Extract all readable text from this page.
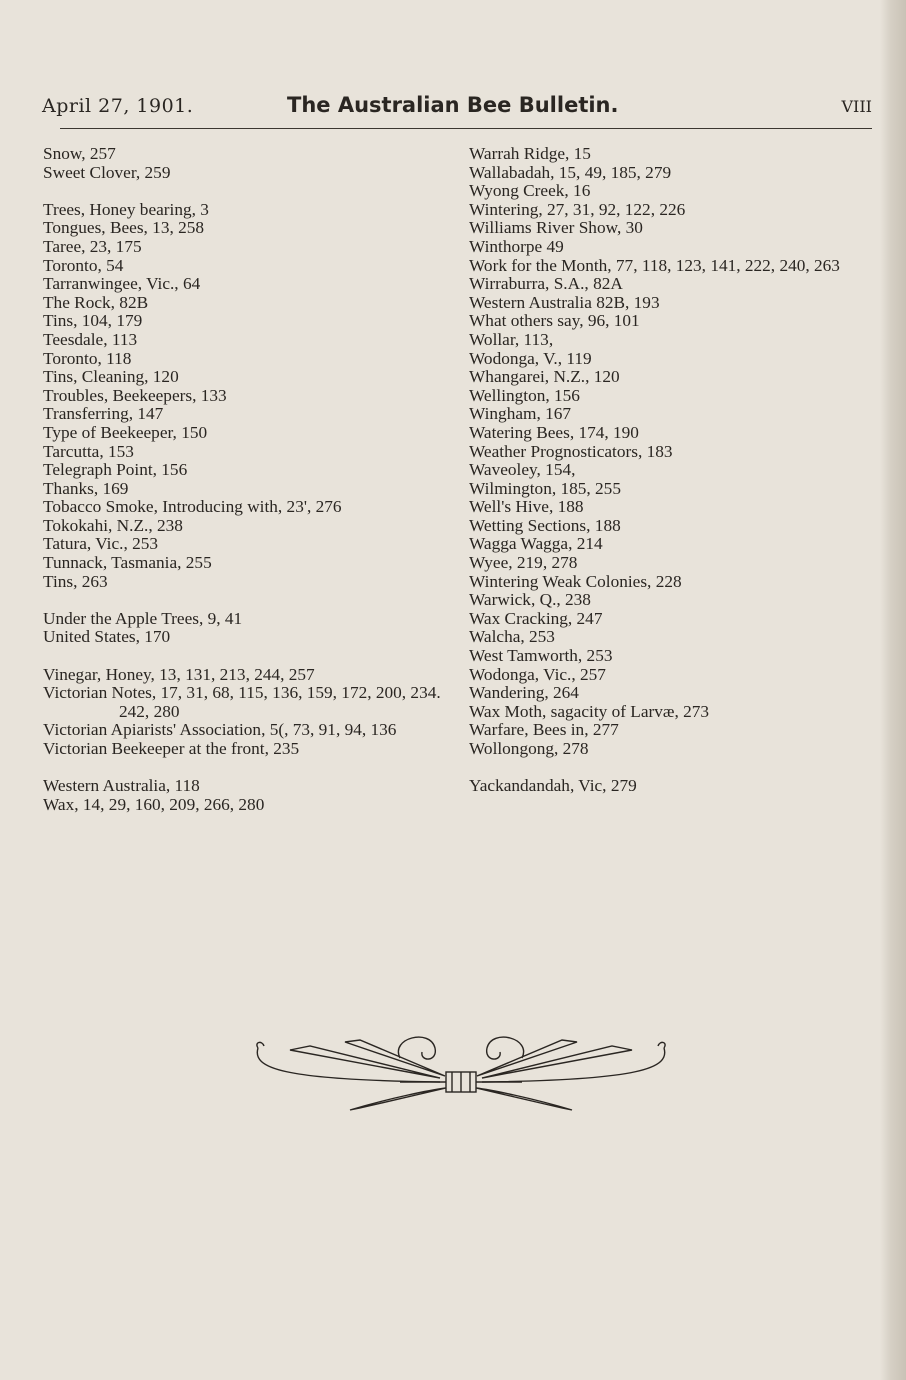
April 27, 1901.	The Australian Bee Bulletin.	VIII
Snow, 257
Sweet Clover, 259
Trees, Honey bearing, 3
Tongues, Bees, 13, 258
Taree, 23, 175
Toronto, 54
Tarranwingee, Vic., 64
The Rock, 82B
Tins, 104, 179
Teesdale, 113
Toronto, 118
Tins, Cleaning, 120
Troubles, Beekeepers, 133
Transferring, 147
Type of Beekeeper, 150
Tarcutta, 153
Telegraph Point, 156
Thanks, 169
Tobacco Smoke, Introducing with, 23', 276
Tokokahi, N.Z., 238
Tatura, Vic., 253
Tunnack, Tasmania, 255
Tins, 263
Under the Apple Trees, 9, 41
United States, 170
Vinegar, Honey, 13, 131, 213, 244, 257
Victorian Notes, 17, 31, 68, 115, 136, 159, 172, 200, 234. 242, 280
Victorian Apiarists' Association, 5(, 73, 91, 94, 136
Victorian Beekeeper at the front, 235
Western Australia, 118
Wax, 14, 29, 160, 209, 266, 280
Warrah Ridge, 15
Wallabadah, 15, 49, 185, 279
Wyong Creek, 16
Wintering, 27, 31, 92, 122, 226
Williams River Show, 30
Winthorpe 49
Work for the Month, 77, 118, 123, 141, 222, 240, 263
Wirraburra, S.A., 82A
Western Australia 82B, 193
What others say, 96, 101
Wollar, 113,
Wodonga, V., 119
Whangarei, N.Z., 120
Wellington, 156
Wingham, 167
Watering Bees, 174, 190
Weather Prognosticators, 183
Waveoley, 154,
Wilmington, 185, 255
Well's Hive, 188
Wetting Sections, 188
Wagga Wagga, 214
Wyee, 219, 278
Wintering Weak Colonies, 228
Warwick, Q., 238
Wax Cracking, 247
Walcha, 253
West Tamworth, 253
Wodonga, Vic., 257
Wandering, 264
Wax Moth, sagacity of Larvæ, 273
Warfare, Bees in, 277
Wollongong, 278
Yackandandah, Vic, 279
